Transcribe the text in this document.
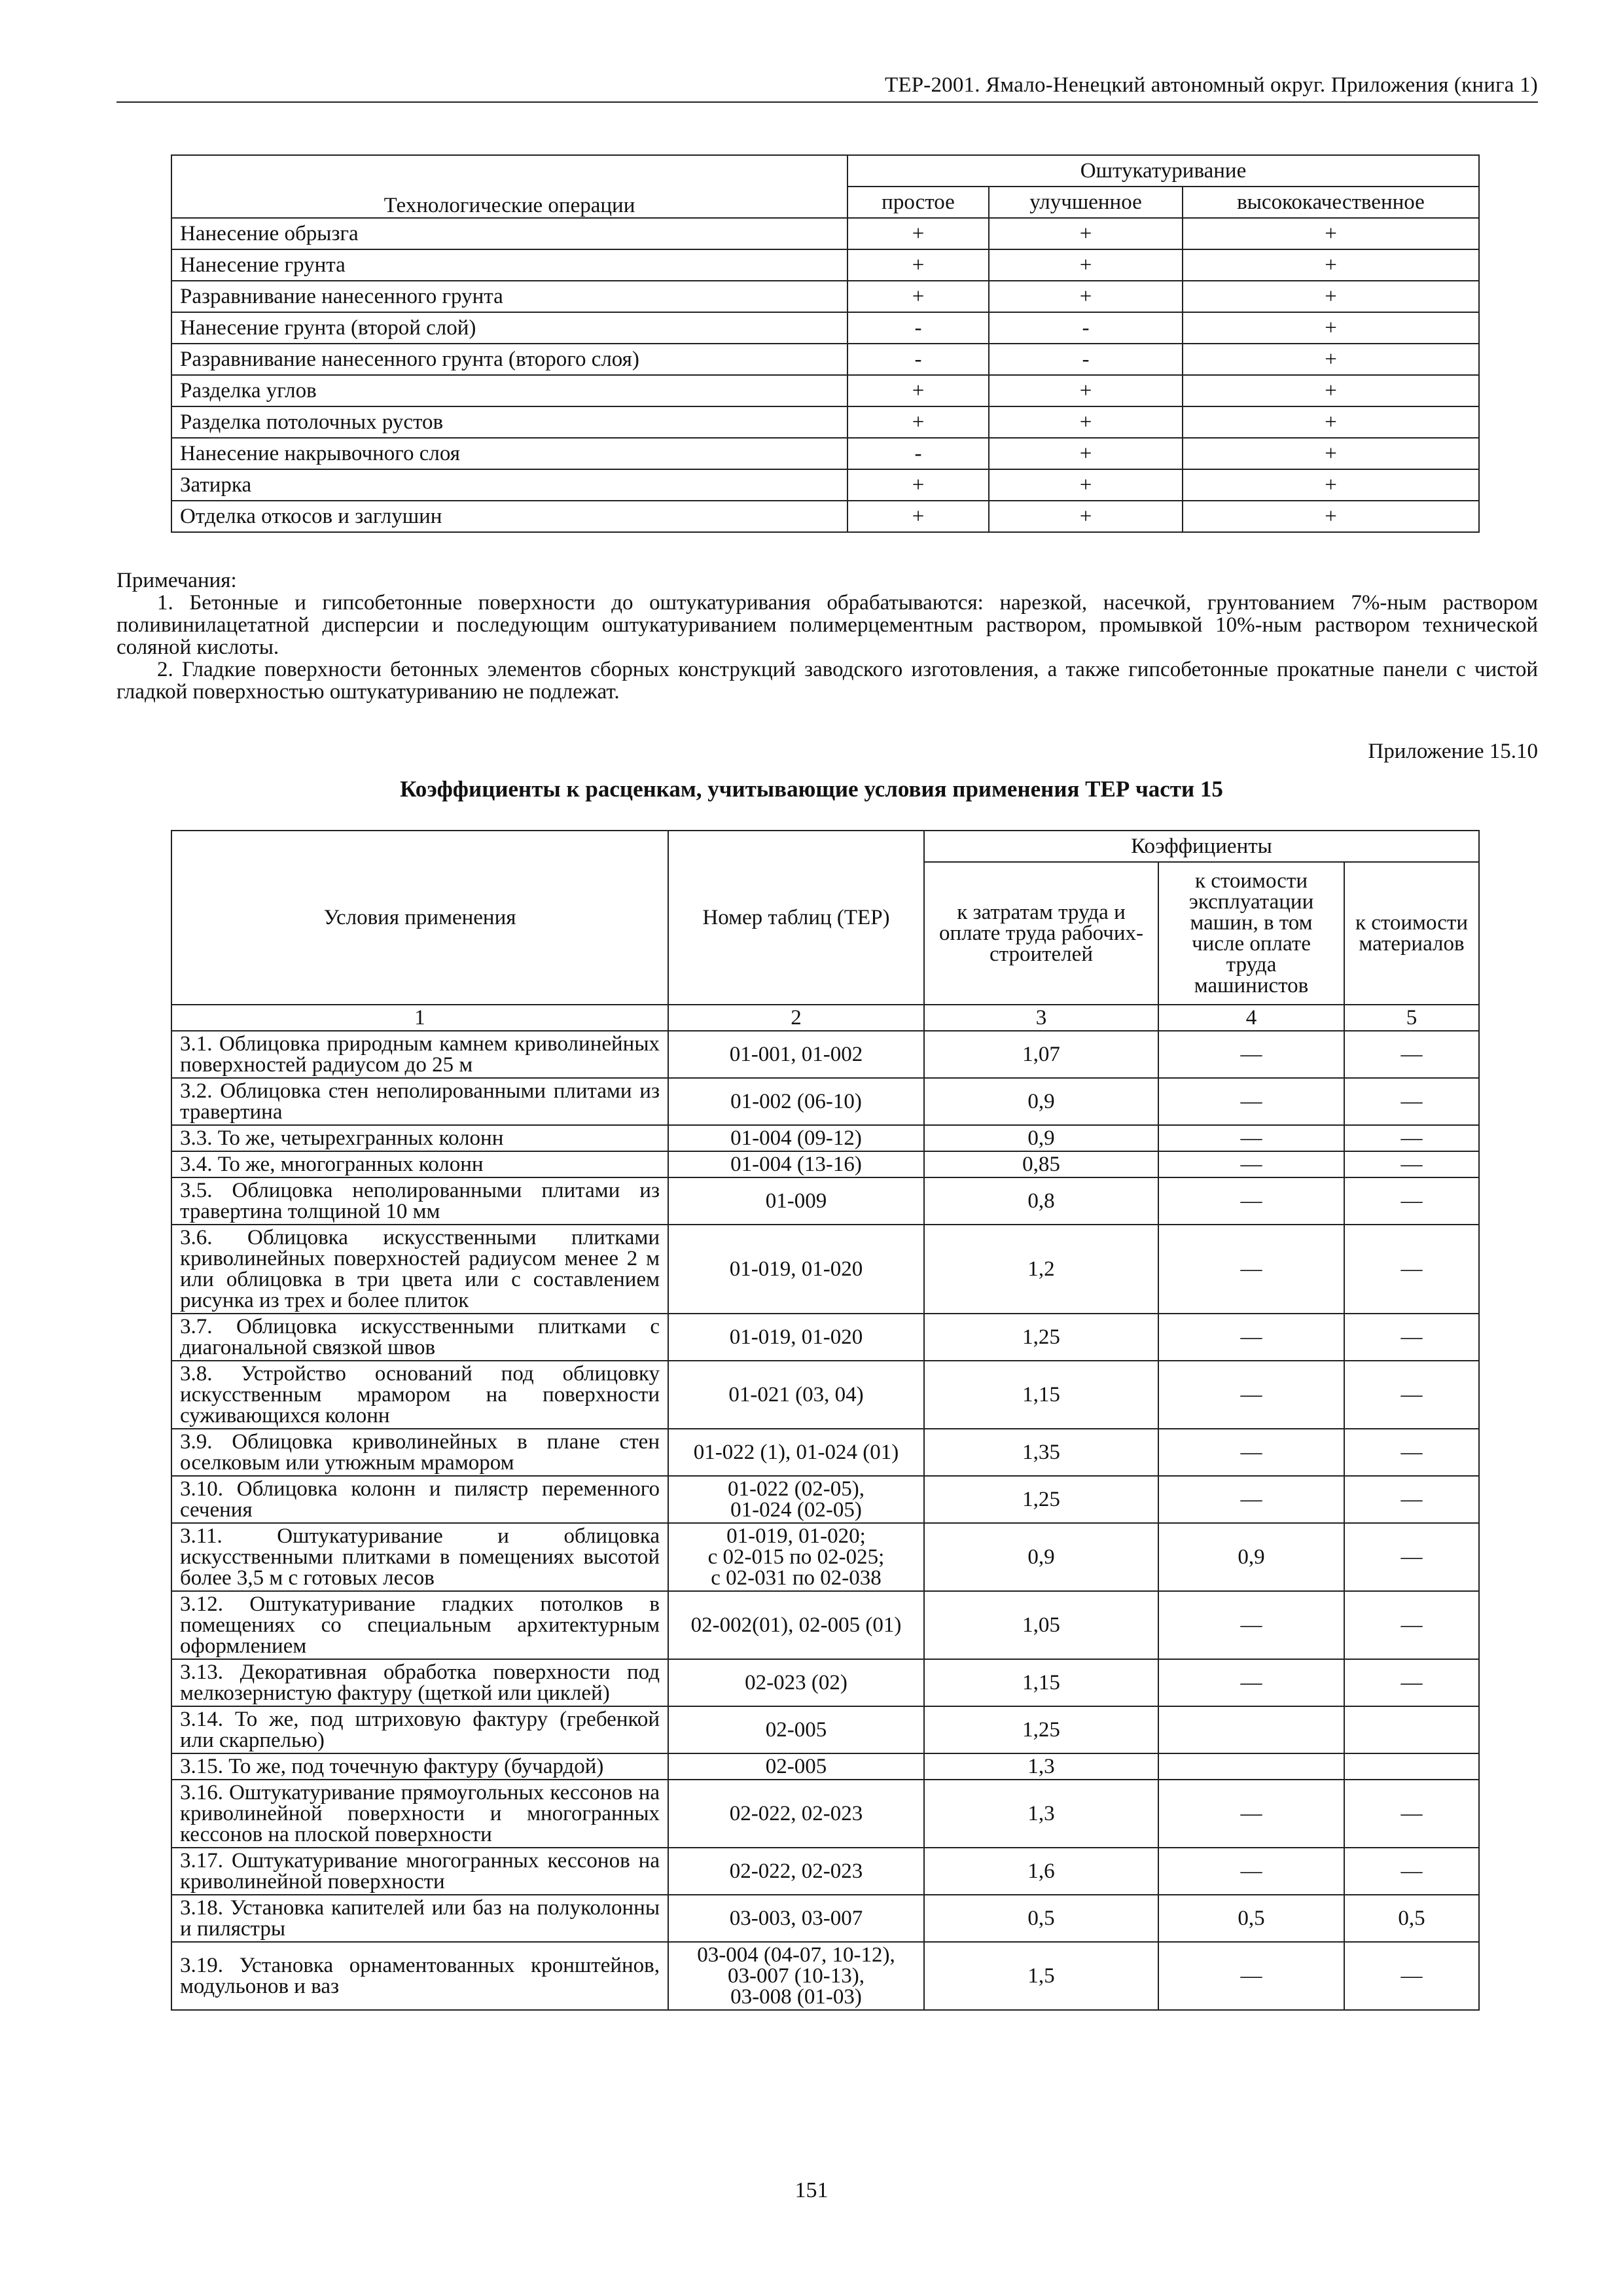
ТЕР-2001. Ямало-Ненецкий автономный округ. Приложения (книга 1)
Технологические операции	Оштукатуривание		
	простое	улучшенное	высококачественное
Нанесение обрызга	+	+	+
Нанесение грунта	+	+	+
Разравнивание нанесенного грунта	+	+	+
Нанесение грунта (второй слой)	-	-	+
Разравнивание нанесенного грунта (второго слоя)	-	-	+
Разделка углов	+	+	+
Разделка потолочных рустов	+	+	+
Нанесение накрывочного слоя	-	+	+
Затирка	+	+	+
Отделка откосов и заглушин	+	+	+

Примечания:

1. Бетонные и гипсобетонные поверхности до оштукатуривания обрабатываются: нарезкой, насечкой, грунтованием 7%-ным раствором поливинилацетатной дисперсии и последующим оштукатуриванием полимерцементным раствором, промывкой 10%-ным раствором технической соляной кислоты.

2. Гладкие поверхности бетонных элементов сборных конструкций заводского изготовления, а также гипсобетонные прокатные панели с чистой гладкой поверхностью оштукатуриванию не подлежат.

Приложение 15.10
Коэффициенты к расценкам, учитывающие условия применения ТЕР части 15
Условия применения	Номер таблиц (ТЕР)	Коэффициенты		
		к затратам труда и оплате труда рабочих-строителей	к стоимости эксплуатации машин, в том числе оплате труда машинистов	к стоимости материалов
1	2	3	4	5
3.1. Облицовка природным камнем криволинейных поверхностей радиусом до 25 м	01-001, 01-002	1,07	—	—
3.2. Облицовка стен неполированными плитами из травертина	01-002 (06-10)	0,9	—	—
3.3. То же, четырехгранных колонн	01-004 (09-12)	0,9	—	—
3.4. То же, многогранных колонн	01-004 (13-16)	0,85	—	—
3.5. Облицовка неполированными плитами из травертина толщиной 10 мм	01-009	0,8	—	—
3.6. Облицовка искусственными плитками криволинейных поверхностей радиусом менее 2 м или облицовка в три цвета или с составлением рисунка из трех и более плиток	01-019, 01-020	1,2	—	—
3.7. Облицовка искусственными плитками с диагональной связкой швов	01-019, 01-020	1,25	—	—
3.8. Устройство оснований под облицовку искусственным мрамором на поверхности суживающихся колонн	01-021 (03, 04)	1,15	—	—
3.9. Облицовка криволинейных в плане стен оселковым или утюжным мрамором	01-022 (1), 01-024 (01)	1,35	—	—
3.10. Облицовка колонн и пилястр переменного сечения	01-022 (02-05),
01-024 (02-05)	1,25	—	—
3.11. Оштукатуривание и облицовка искусственными плитками в помещениях высотой более 3,5 м с готовых лесов	01-019, 01-020;
с 02-015 по 02-025;
с 02-031 по 02-038	0,9	0,9	—
3.12. Оштукатуривание гладких потолков в помещениях со специальным архитектурным оформлением	02-002(01), 02-005 (01)	1,05	—	—
3.13. Декоративная обработка поверхности под мелкозернистую фактуру (щеткой или циклей)	02-023 (02)	1,15	—	—
3.14. То же, под штриховую фактуру (гребенкой или скарпелью)	02-005	1,25		
3.15. То же, под точечную фактуру (бучардой)	02-005	1,3		
3.16. Оштукатуривание прямоугольных кессонов на криволинейной поверхности и многогранных кессонов на плоской поверхности	02-022, 02-023	1,3	—	—
3.17. Оштукатуривание многогранных кессонов на криволинейной поверхности	02-022, 02-023	1,6	—	—
3.18. Установка капителей или баз на полуколонны и пилястры	03-003, 03-007	0,5	0,5	0,5
3.19. Установка орнаментованных кронштейнов, модульонов и ваз	03-004 (04-07, 10-12),
03-007 (10-13),
03-008 (01-03)	1,5	—	—
151
